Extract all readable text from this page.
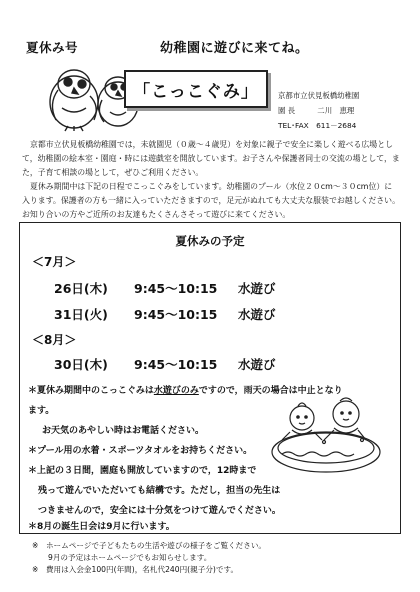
夏休み号	幼稚園に遊びに来てね。
「こっこぐみ」	京都市立伏見板橋幼稚園
園 長　　　二川　恵理
TEL･FAX　611－2684

京都市立伏見板橋幼稚園では，未就園児（０歳～４歳児）を対象に親子で安全に楽しく遊べる広場として，幼稚園の絵本室・園庭・時には遊戯室を開放しています。お子さんや保護者同士の交流の場として，また，子育て相談の場として，ぜひご利用ください。

夏休み期間中は下記の日程でこっこぐみをしています。幼稚園のプール（水位２０cm～３０cm位）に入ります。保護者の方も一緒に入っていただきますので，足元がぬれても大丈夫な服装でお越しください。お知り合いの方やご近所のお友達もたくさんさそって遊びに来てください。

夏休みの予定
＜7月＞
26日(木) 9:45～10:15 水遊び
31日(火) 9:45～10:15 水遊び
＜8月＞
30日(木) 9:45～10:15 水遊び
＊夏休み期間中のこっこぐみは水遊びのみですので，雨天の場合は中止となり
ます。
お天気のあやしい時はお電話ください。
＊プール用の水着・スポーツタオルをお持ちください。
＊上記の３日間，園庭も開放していますので，12時まで
残って遊んでいただいても結構です。ただし，担当の先生は
つきませんので，安全には十分気をつけて遊んでください。
＊8月の誕生日会は9月に行います。
※　ホームページで子どもたちの生活や遊びの様子をご覧ください。
9月の予定はホームページでもお知らせします。
※　費用は入会金100円(年間)，名札代240円(親子分)です。
